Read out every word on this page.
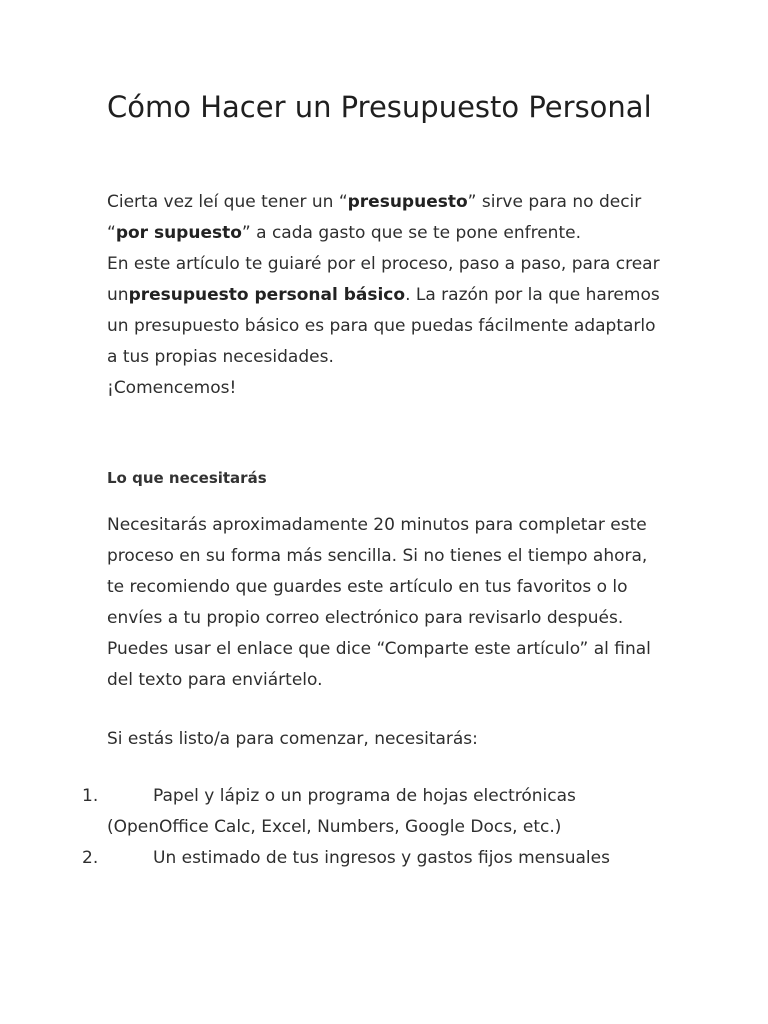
Cómo Hacer un Presupuesto Personal

Cierta vez leí que tener un “presupuesto” sirve para no decir “por supuesto” a cada gasto que se te pone enfrente.

En este artículo te guiaré por el proceso, paso a paso, para crear unpresupuesto personal básico. La razón por la que haremos un presupuesto básico es para que puedas fácilmente adaptarlo a tus propias necesidades.

¡Comencemos!

Lo que necesitarás

Necesitarás aproximadamente 20 minutos para completar este proceso en su forma más sencilla. Si no tienes el tiempo ahora, te recomiendo que guardes este artículo en tus favoritos o lo envíes a tu propio correo electrónico para revisarlo después. Puedes usar el enlace que dice “Comparte este artículo” al final del texto para enviártelo.

Si estás listo/a para comenzar, necesitarás:

1.	Papel y lápiz o un programa de hojas electrónicas (OpenOffice Calc, Excel, Numbers, Google Docs, etc.)
2.	Un estimado de tus ingresos y gastos fijos mensuales
